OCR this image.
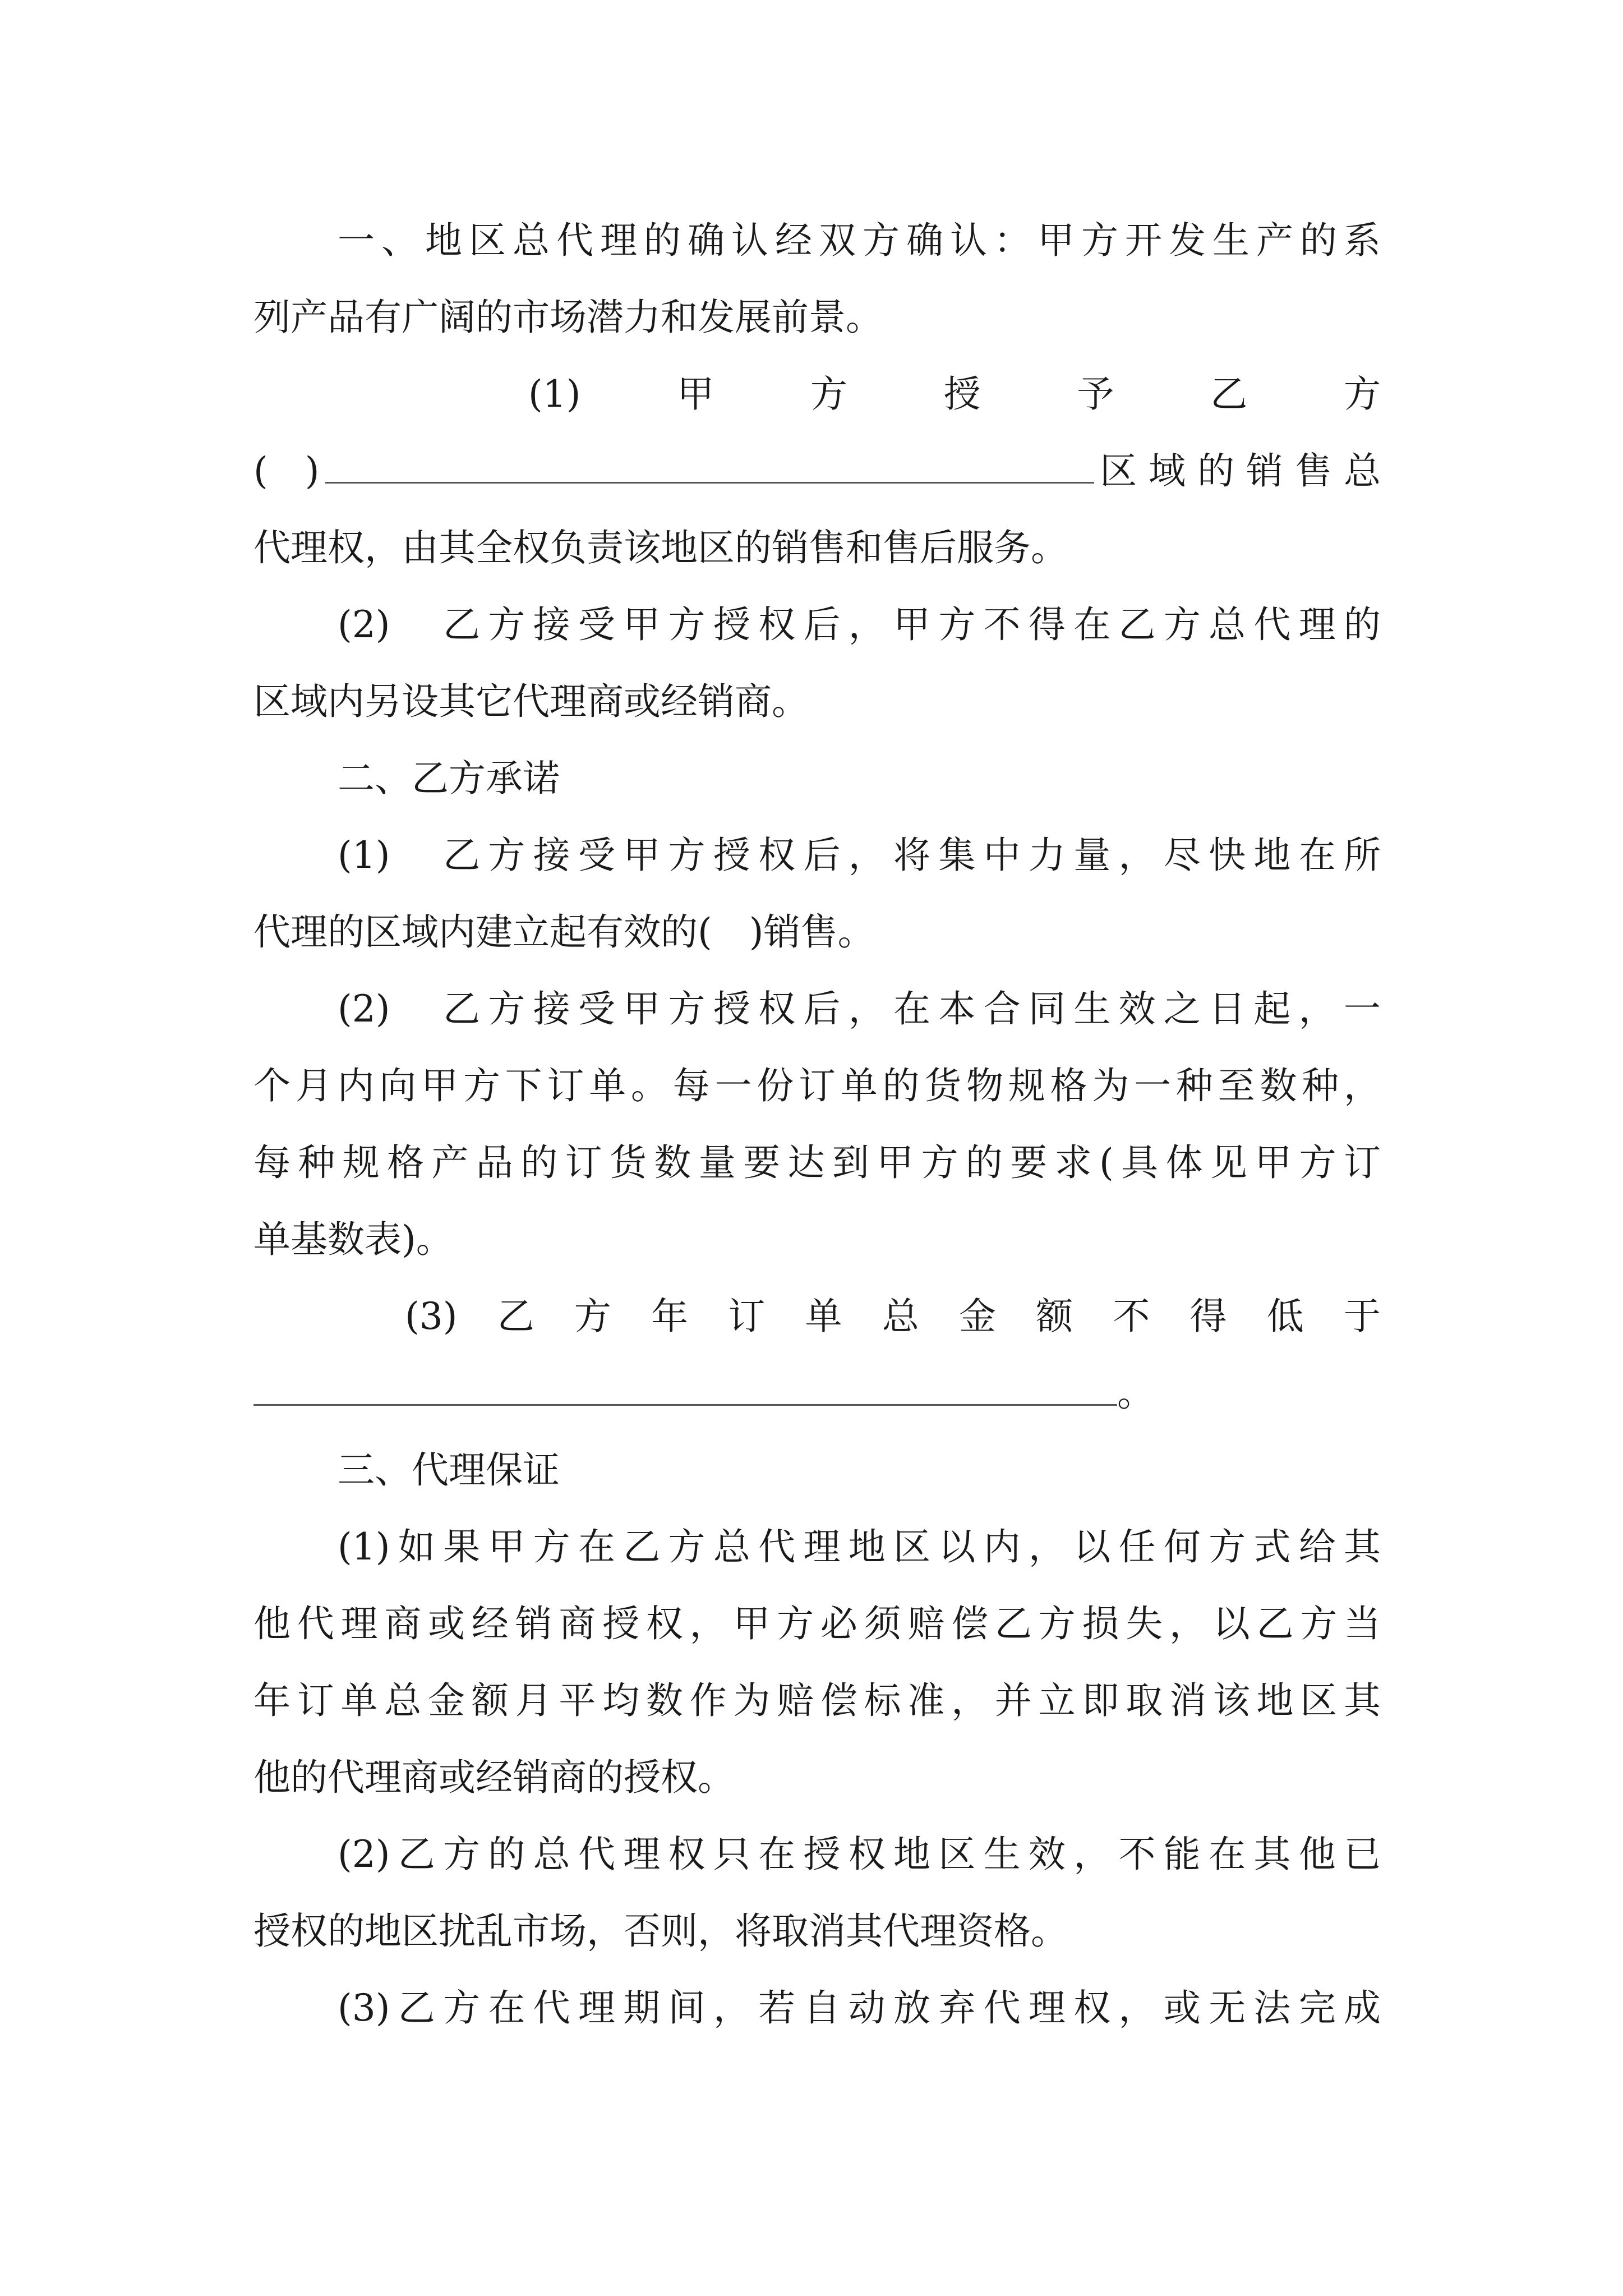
一、地区总代理的确认经双方确认：甲方开发生产的系
列产品有广阔的市场潜力和发展前景。
(1)	甲	方	授	予	乙	方
(　)	区 域 的 销 售 总
代理权，由其全权负责该地区的销售和售后服务。
(2)　乙方接受甲方授权后，甲方不得在乙方总代理的
区域内另设其它代理商或经销商。
二、乙方承诺
(1)　乙方接受甲方授权后，将集中力量，尽快地在所
代理的区域内建立起有效的(　)销售。
(2)　乙方接受甲方授权后，在本合同生效之日起，一
个月内向甲方下订单。每一份订单的货物规格为一种至数种，
每种规格产品的订货数量要达到甲方的要求(具体见甲方订
单基数表)。
(3) 乙 方 年 订 单 总 金 额 不 得 低 于
。
三、代理保证
(1)如果甲方在乙方总代理地区以内，以任何方式给其
他代理商或经销商授权，甲方必须赔偿乙方损失，以乙方当
年订单总金额月平均数作为赔偿标准，并立即取消该地区其
他的代理商或经销商的授权。
(2)乙方的总代理权只在授权地区生效，不能在其他已
授权的地区扰乱市场，否则，将取消其代理资格。
(3)乙方在代理期间，若自动放弃代理权，或无法完成
